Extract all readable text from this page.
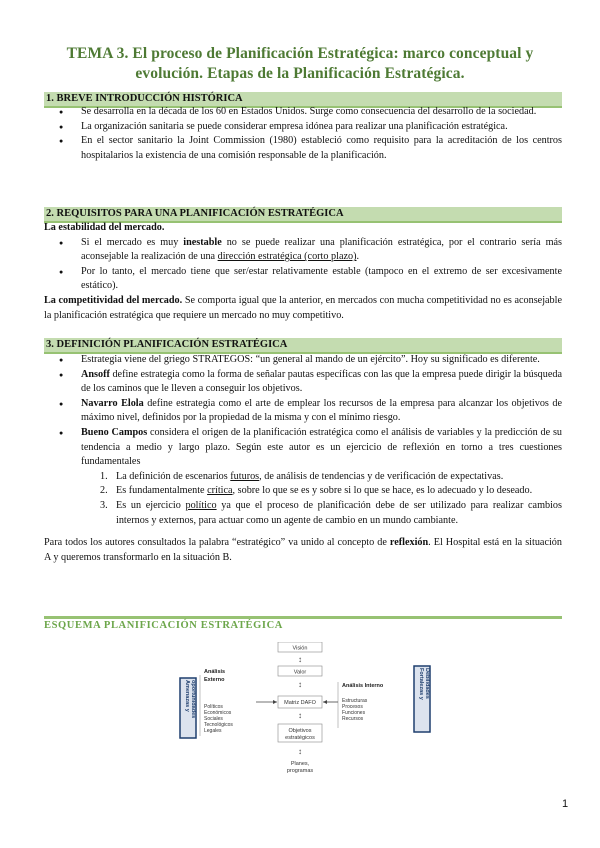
TEMA 3. El proceso de Planificación Estratégica: marco conceptual y evolución. Etapas de la Planificación Estratégica.
1. BREVE INTRODUCCIÓN HISTÓRICA
● Se desarrolla en la década de los 60 en Estados Unidos. Surge como consecuencia del desarrollo de la sociedad.
● La organización sanitaria se puede considerar empresa idónea para realizar una planificación estratégica.
● En el sector sanitario la Joint Commission (1980) estableció como requisito para la acreditación de los centros hospitalarios la existencia de una comisión responsable de la planificación.
2. REQUISITOS PARA UNA PLANIFICACIÓN ESTRATÉGICA

La estabilidad del mercado.

● Si el mercado es muy inestable no se puede realizar una planificación estratégica, por el contrario sería más aconsejable la realización de una dirección estratégica (corto plazo).
● Por lo tanto, el mercado tiene que ser/estar relativamente estable (tampoco en el extremo de ser excesivamente estático).

La competitividad del mercado. Se comporta igual que la anterior, en mercados con mucha competitividad no es aconsejable la planificación estratégica que requiere un mercado no muy competitivo.

3. DEFINICIÓN PLANIFICACIÓN ESTRATÉGICA
● Estrategia viene del griego STRATEGOS: “un general al mando de un ejército”. Hoy su significado es diferente.
● Ansoff define estrategia como la forma de señalar pautas específicas con las que la empresa puede dirigir la búsqueda de los caminos que le lleven a conseguir los objetivos.
● Navarro Elola define estrategia como el arte de emplear los recursos de la empresa para alcanzar los objetivos de máximo nivel, definidos por la propiedad de la misma y con el mínimo riesgo.
● Bueno Campos considera el origen de la planificación estratégica como el análisis de variables y la predicción de su tendencia a medio y largo plazo. Según este autor es un ejercicio de reflexión en torno a tres cuestiones fundamentales
1. La definición de escenarios futuros, de análisis de tendencias y de verificación de expectativas.
2. Es fundamentalmente crítica, sobre lo que se es y sobre si lo que se hace, es lo adecuado y lo deseado.
3. Es un ejercicio político ya que el proceso de planificación debe de ser utilizado para realizar cambios internos y externos, para actuar como un agente de cambio en un mundo cambiante.

Para todos los autores consultados la palabra “estratégico” va unido al concepto de reflexión. El Hospital está en la situación A y queremos transformarlo en la situación B.

ESQUEMA PLANIFICACIÓN ESTRATÉGICA
Amenazas y oportunidades	Fortalezas y Debilidades
Análisis
Externo
Políticos
Económicos
Sociales
Tecnológicos
Legales
Análisis Interno
Estructuras
Procesos
Funciones
Recursos
Visión
↕
Valor
↕
Matriz DAFO
↕
Objetivos
estratégicos
↕
Planes,
programas
1
